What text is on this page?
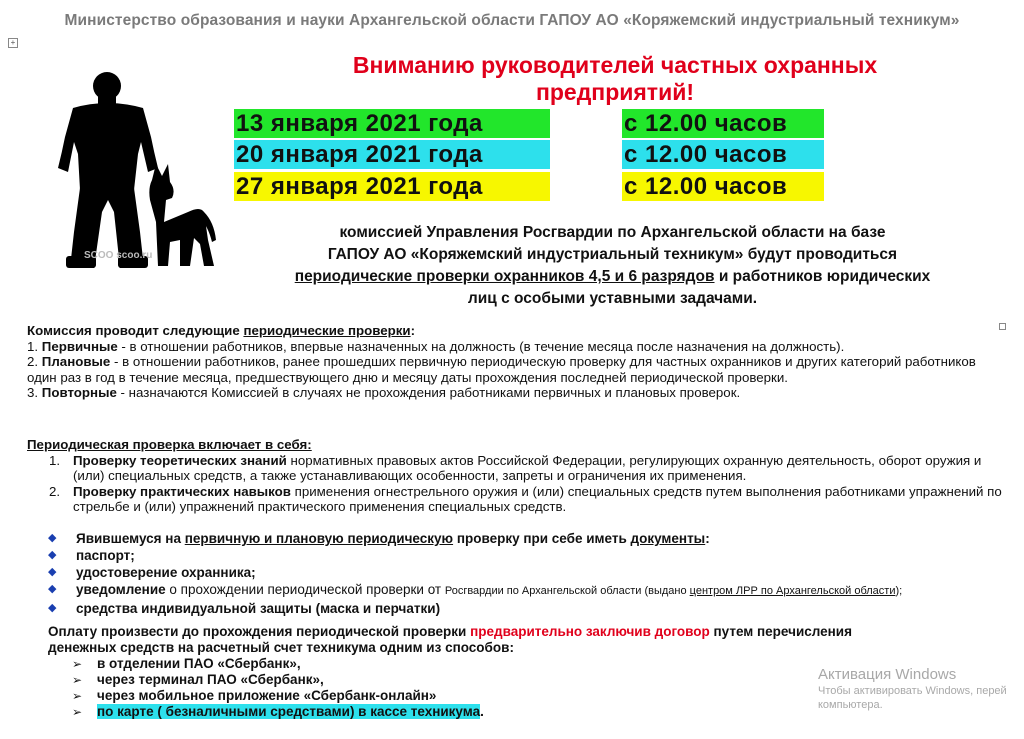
Министерство образования и науки Архангельской области ГАПОУ АО «Коряжемский индустриальный техникум»
+
SCOO scoo.ru
Вниманию руководителей частных охранных
предприятий!
13 января 2021 года	с 12.00 часов
20 января 2021 года	с 12.00 часов
27 января 2021 года	с 12.00 часов
комиссией Управления Росгвардии по Архангельской области на базе
ГАПОУ АО «Коряжемский индустриальный техникум» будут проводиться
периодические проверки охранников 4,5 и 6 разрядов и работников юридических
лиц с особыми уставными задачами.

Комиссия проводит следующие периодические проверки:

1. Первичные - в отношении работников, впервые назначенных на должность (в течение месяца после назначения на должность).

2. Плановые - в отношении работников, ранее прошедших первичную периодическую проверку для частных охранников и других категорий работников один раз в год в течение месяца, предшествующего дню и месяцу даты прохождения последней периодической проверки.

3. Повторные - назначаются Комиссией в случаях не прохождения работниками первичных и плановых проверок.

Периодическая проверка включает в себя:

1. Проверку теоретических знаний нормативных правовых актов Российской Федерации, регулирующих охранную деятельность, оборот оружия и (или) специальных средств, а также устанавливающих особенности, запреты и ограничения их применения.
2. Проверку практических навыков применения огнестрельного оружия и (или) специальных средств путем выполнения работниками упражнений по стрельбе и (или) упражнений практического применения специальных средств.
◆ Явившемуся на первичную и плановую периодическую проверку при себе иметь документы:
◆ паспорт;
◆ удостоверение охранника;
◆ уведомление о прохождении периодической проверки от Росгвардии по Архангельской области (выдано центром ЛРР по Архангельской области);
◆ средства индивидуальной защиты (маска и перчатки)
Оплату произвести до прохождения периодической проверки предварительно заключив договор путем перечисления
денежных средств на расчетный счет техникума одним из способов:
➢ в отделении ПАО «Сбербанк»,
➢ через терминал ПАО «Сбербанк»,
➢ через мобильное приложение «Сбербанк-онлайн»
➢ по карте ( безналичными средствами) в кассе техникума.
Активация Windows
Чтобы активировать Windows, перей
компьютера.
